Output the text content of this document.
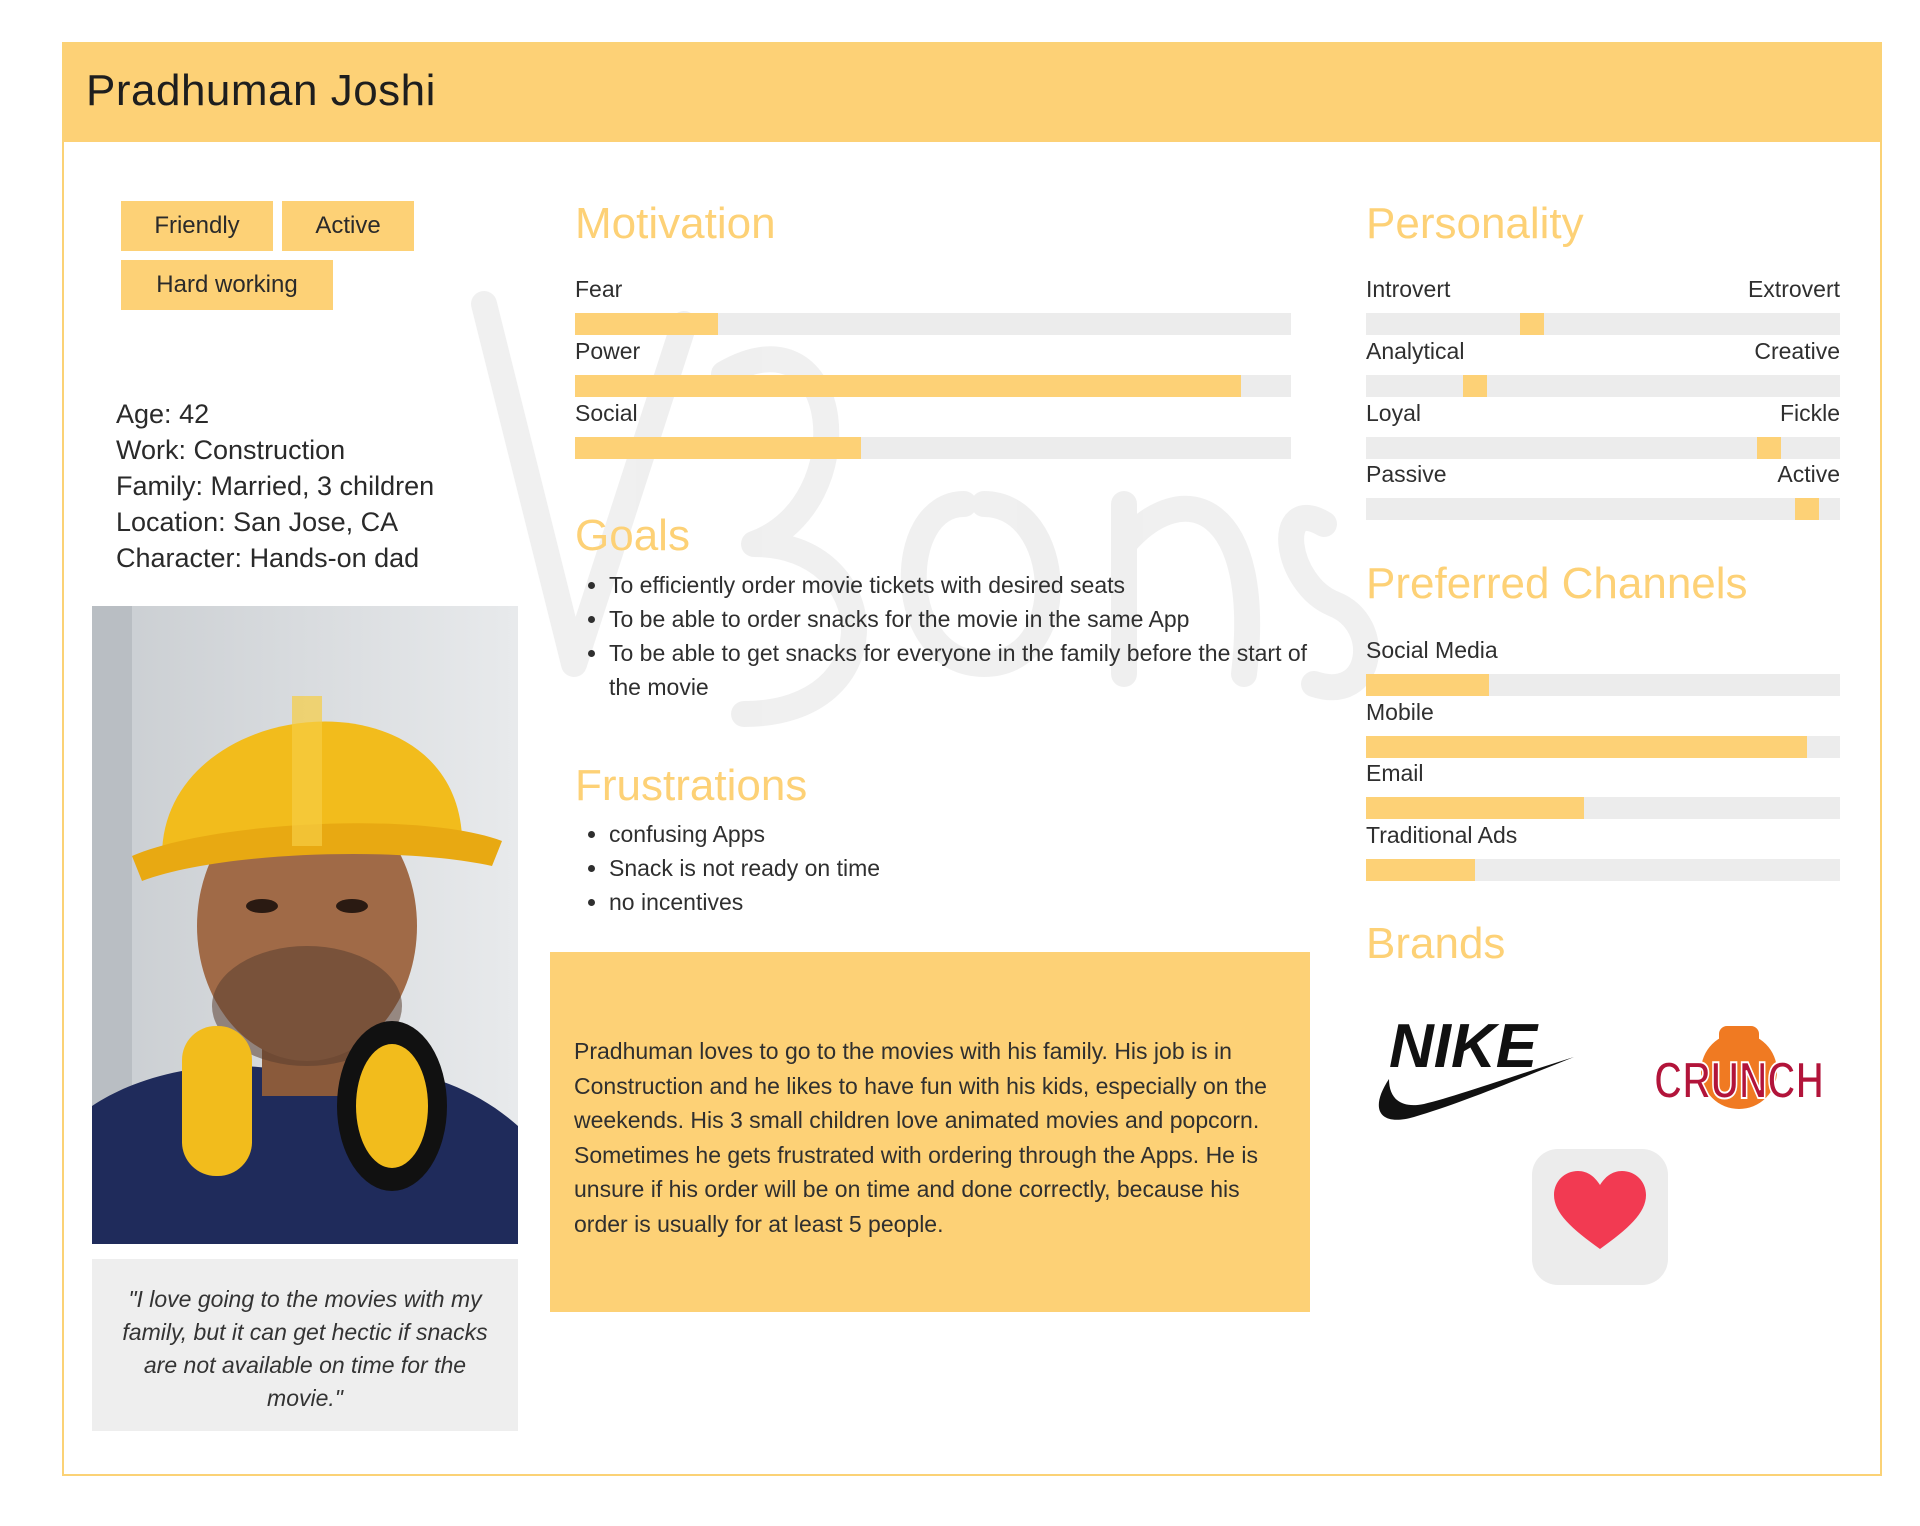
Pradhuman Joshi
Friendly	Active
Hard working
Age: 42
Work: Construction
Family: Married, 3 children
Location: San Jose, CA
Character: Hands-on dad
"I love going to the movies with my family, but it can get hectic if snacks are not available on time for the movie."
Motivation
Fear
Power
Social
Goals
• To efficiently order movie tickets with desired seats
• To be able to order snacks for the movie in the same App
• To be able to get snacks for everyone in the family before the start of the movie
Frustrations
• confusing Apps
• Snack is not ready on time
• no incentives

Pradhuman loves to go to the movies with his family. His job is in Construction and he likes to have fun with his kids, especially on the weekends. His 3 small children love animated movies and popcorn.

Sometimes he gets frustrated with ordering through the Apps. He is unsure if his order will be on time and done correctly, because his order is usually for at least 5 people.

Personality
Introvert	Extrovert
Analytical	Creative
Loyal	Fickle
Passive	Active
Preferred Channels
Social Media
Mobile
Email
Traditional Ads
Brands
NIKE CRUNCH
